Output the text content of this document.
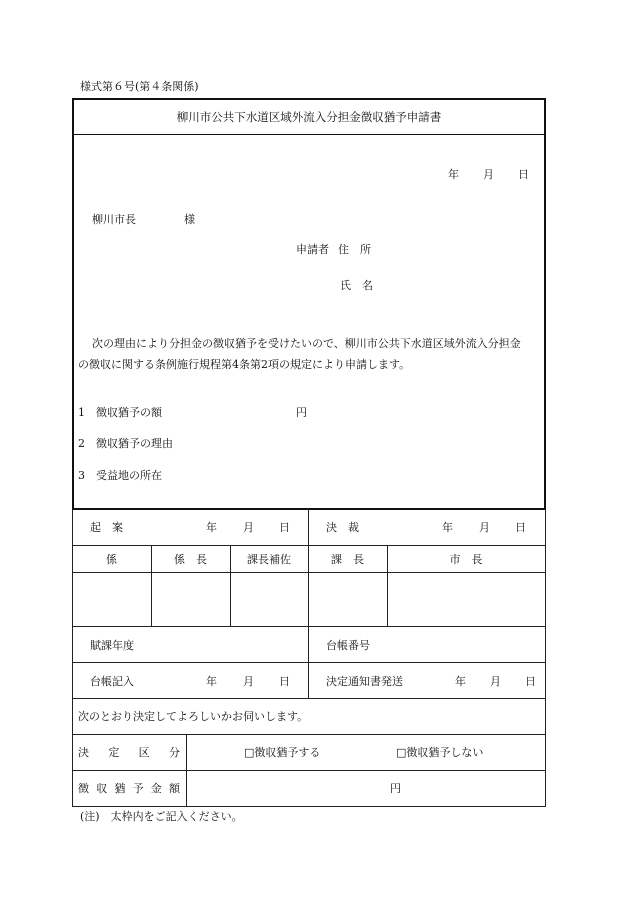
様式第６号(第４条関係)
柳川市公共下水道区域外流入分担金徴収猶予申請書
年 月 日
柳川市長	様
申請者 住　所
氏　名
次の理由により分担金の徴収猶予を受けたいので、柳川市公共下水道区域外流入分担金
の徴収に関する条例施行規程第4条第2項の規定により申請します。
1 徴収猶予の額	円
2 徴収猶予の理由
3 受益地の所在
起　案	年 月 日	決　裁	年 月 日
係	係　長	課長補佐	課　長	市　長
賦課年度	台帳番号
台帳記入	年 月 日	決定通知書発送	年 月 日
次のとおり決定してよろしいかお伺いします。
決 定 区 分	□徴収猶予する	□徴収猶予しない
徴 収 猶 予 金 額	円
(注)　太枠内をご記入ください。
